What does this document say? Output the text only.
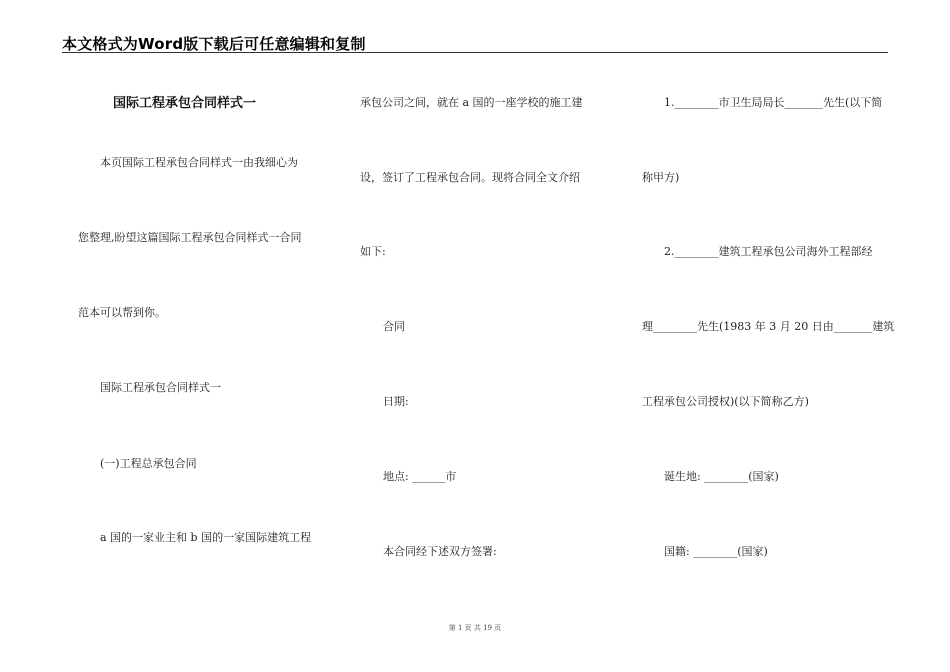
本文格式为Word版下载后可任意编辑和复制
国际工程承包合同样式一
本页国际工程承包合同样式一由我细心为
您整理,盼望这篇国际工程承包合同样式一合同
范本可以帮到你。
国际工程承包合同样式一
(一)工程总承包合同
a 国的一家业主和 b 国的一家国际建筑工程
承包公司之间，就在 a 国的一座学校的施工建
设，签订了工程承包合同。现将合同全文介绍
如下:
合同
日期:
地点: ______市
本合同经下述双方签署:
1.________市卫生局局长_______先生(以下简
称甲方)
2.________建筑工程承包公司海外工程部经
理________先生(1983 年 3 月 20 日由_______建筑
工程承包公司授权)(以下简称乙方)
诞生地: ________(国家)
国籍: ________(国家)
第 1 页 共 19 页
